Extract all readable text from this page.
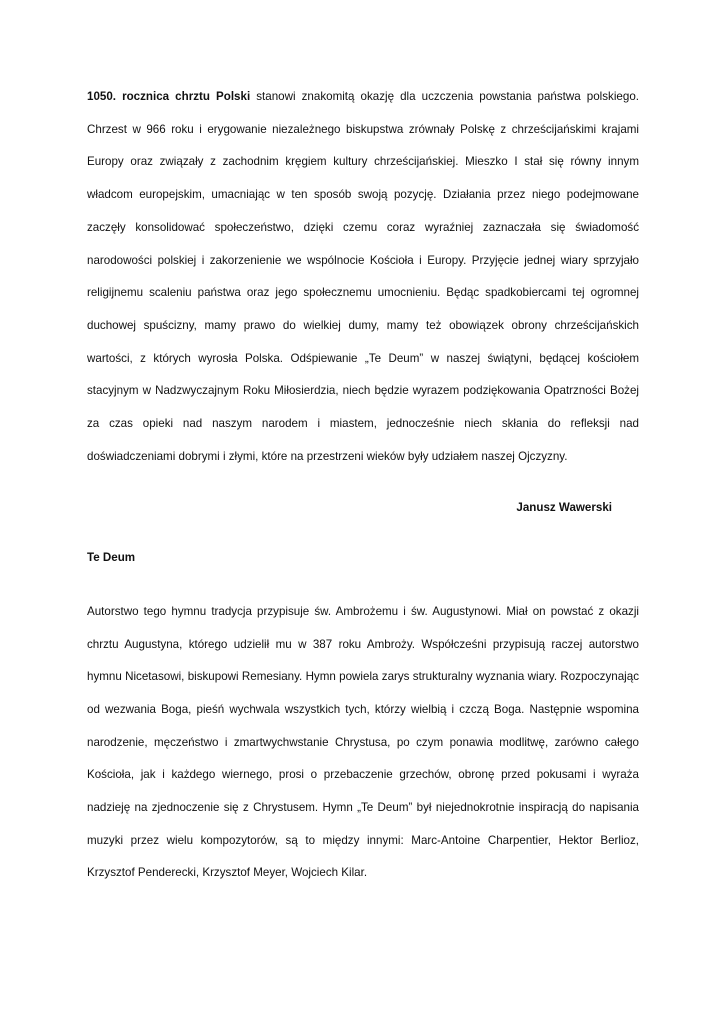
1050. rocznica chrztu Polski stanowi znakomitą okazję dla uczczenia powstania państwa polskiego. Chrzest w 966 roku i erygowanie niezależnego biskupstwa zrównały Polskę z chrześcijańskimi krajami Europy oraz związały z zachodnim kręgiem kultury chrześcijańskiej. Mieszko I stał się równy innym władcom europejskim, umacniając w ten sposób swoją pozycję. Działania przez niego podejmowane zaczęły konsolidować społeczeństwo, dzięki czemu coraz wyraźniej zaznaczała się świadomość narodowości polskiej i zakorzenienie we wspólnocie Kościoła i Europy. Przyjęcie jednej wiary sprzyjało religijnemu scaleniu państwa oraz jego społecznemu umocnieniu. Będąc spadkobiercami tej ogromnej duchowej spuścizny, mamy prawo do wielkiej dumy, mamy też obowiązek obrony chrześcijańskich wartości, z których wyrosła Polska. Odśpiewanie „Te Deum” w naszej świątyni, będącej kościołem stacyjnym w Nadzwyczajnym Roku Miłosierdzia, niech będzie wyrazem podziękowania Opatrzności Bożej za czas opieki nad naszym narodem i miastem, jednocześnie niech skłania do refleksji nad doświadczeniami dobrymi i złymi, które na przestrzeni wieków były udziałem naszej Ojczyzny.

Janusz Wawerski
Te Deum

Autorstwo tego hymnu tradycja przypisuje św. Ambrożemu i św. Augustynowi. Miał on powstać z okazji chrztu Augustyna, którego udzielił mu w 387 roku Ambroży. Współcześni przypisują raczej autorstwo hymnu Nicetasowi, biskupowi Remesiany. Hymn powiela zarys strukturalny wyznania wiary. Rozpoczynając od wezwania Boga, pieśń wychwala wszystkich tych, którzy wielbią i czczą Boga. Następnie wspomina narodzenie, męczeństwo i zmartwychwstanie Chrystusa, po czym ponawia modlitwę, zarówno całego Kościoła, jak i każdego wiernego, prosi o przebaczenie grzechów, obronę przed pokusami i wyraża nadzieję na zjednoczenie się z Chrystusem. Hymn „Te Deum” był niejednokrotnie inspiracją do napisania muzyki przez wielu kompozytorów, są to między innymi: Marc-Antoine Charpentier, Hektor Berlioz, Krzysztof Penderecki, Krzysztof Meyer, Wojciech Kilar.
